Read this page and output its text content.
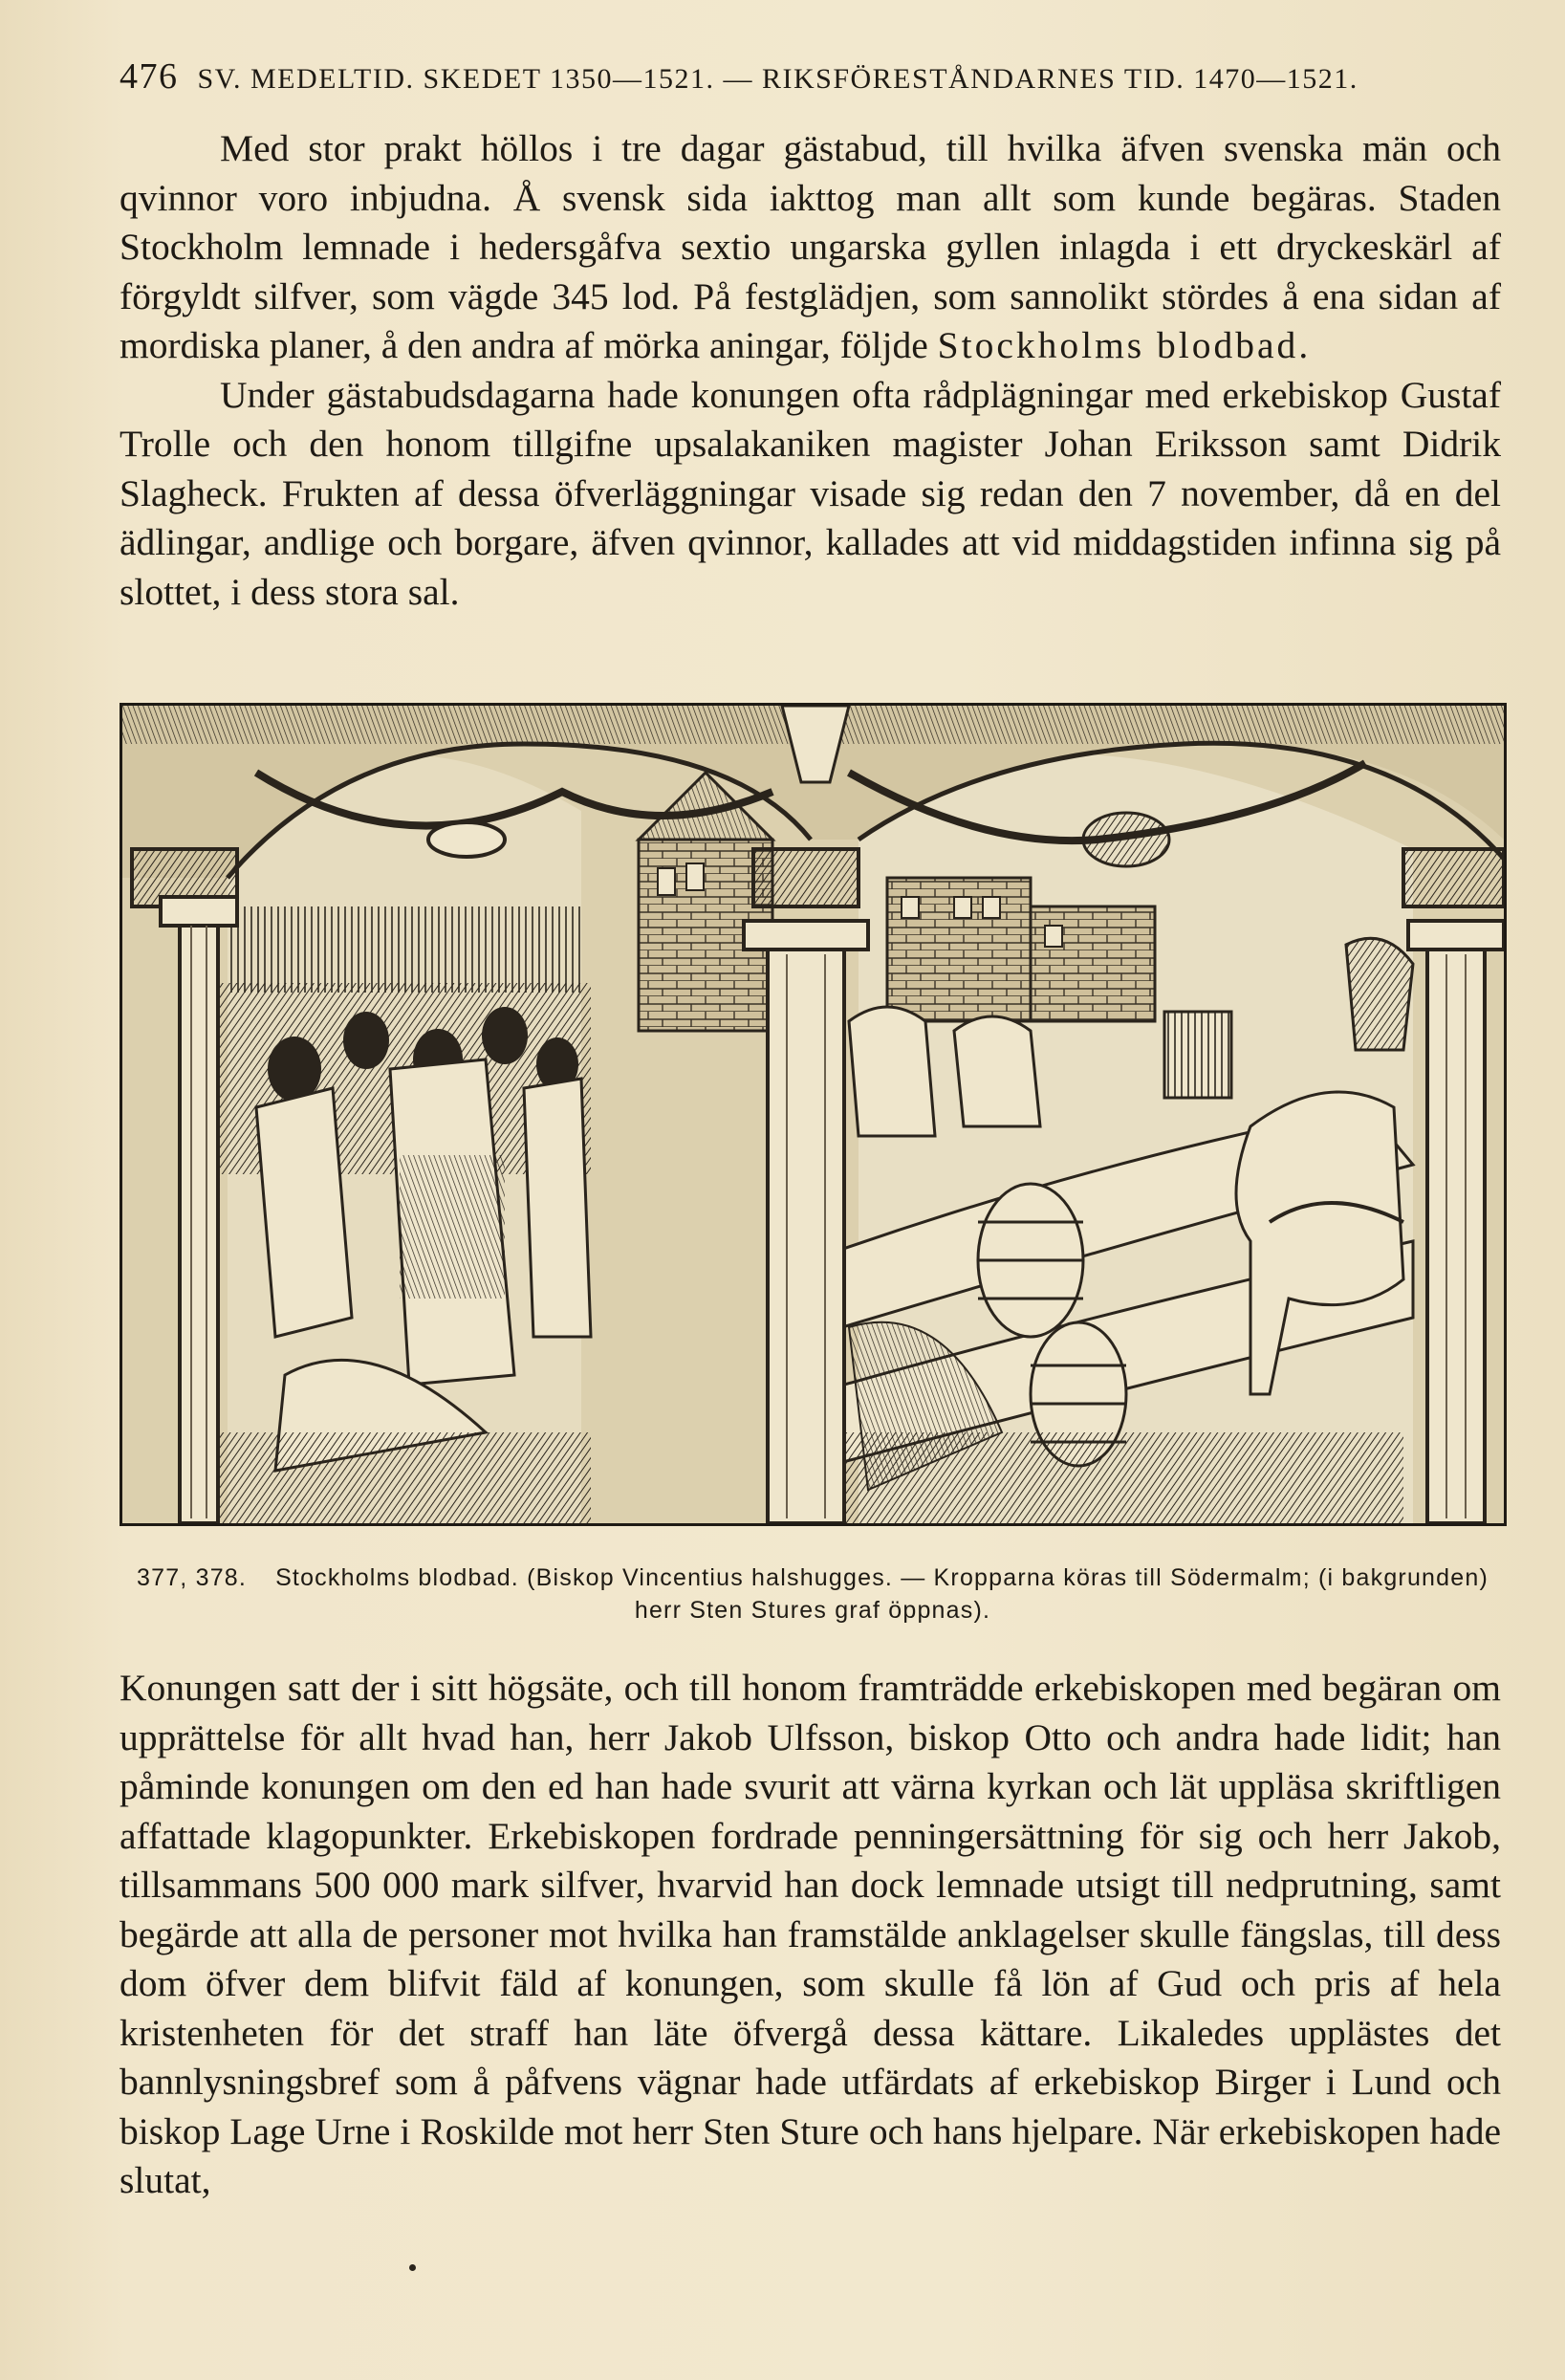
476 SV. MEDELTID. SKEDET 1350—1521. — RIKSFÖRESTÅNDARNES TID. 1470—1521.

Med stor prakt höllos i tre dagar gästabud, till hvilka äfven svenska män och qvinnor voro inbjudna. Å svensk sida iakttog man allt som kunde begäras. Staden Stockholm lemnade i hedersgåfva sextio ungarska gyllen inlagda i ett dryckeskärl af förgyldt silfver, som vägde 345 lod. På festglädjen, som sannolikt stördes å ena sidan af mordiska planer, å den andra af mörka aningar, följde Stockholms blodbad.

Under gästabudsdagarna hade konungen ofta rådplägningar med erkebiskop Gustaf Trolle och den honom tillgifne upsalakaniken magister Johan Eriksson samt Didrik Slagheck. Frukten af dessa öfverläggningar visade sig redan den 7 november, då en del ädlingar, andlige och borgare, äfven qvinnor, kallades att vid middagstiden infinna sig på slottet, i dess stora sal.

377, 378. Stockholms blodbad. (Biskop Vincentius halshugges. — Kropparna köras till Södermalm; (i bakgrunden) herr Sten Stures graf öppnas).

Konungen satt der i sitt högsäte, och till honom framträdde erkebiskopen med begäran om upprättelse för allt hvad han, herr Jakob Ulfsson, biskop Otto och andra hade lidit; han påminde konungen om den ed han hade svurit att värna kyrkan och lät uppläsa skriftligen affattade klagopunkter. Erkebiskopen fordrade penningersättning för sig och herr Jakob, tillsammans 500 000 mark silfver, hvarvid han dock lemnade utsigt till nedprutning, samt begärde att alla de personer mot hvilka han framstälde anklagelser skulle fängslas, till dess dom öfver dem blifvit fäld af konungen, som skulle få lön af Gud och pris af hela kristenheten för det straff han läte öfvergå dessa kättare. Likaledes upplästes det bannlysningsbref som å påfvens vägnar hade utfärdats af erkebiskop Birger i Lund och biskop Lage Urne i Roskilde mot herr Sten Sture och hans hjelpare. När erkebiskopen hade slutat,
